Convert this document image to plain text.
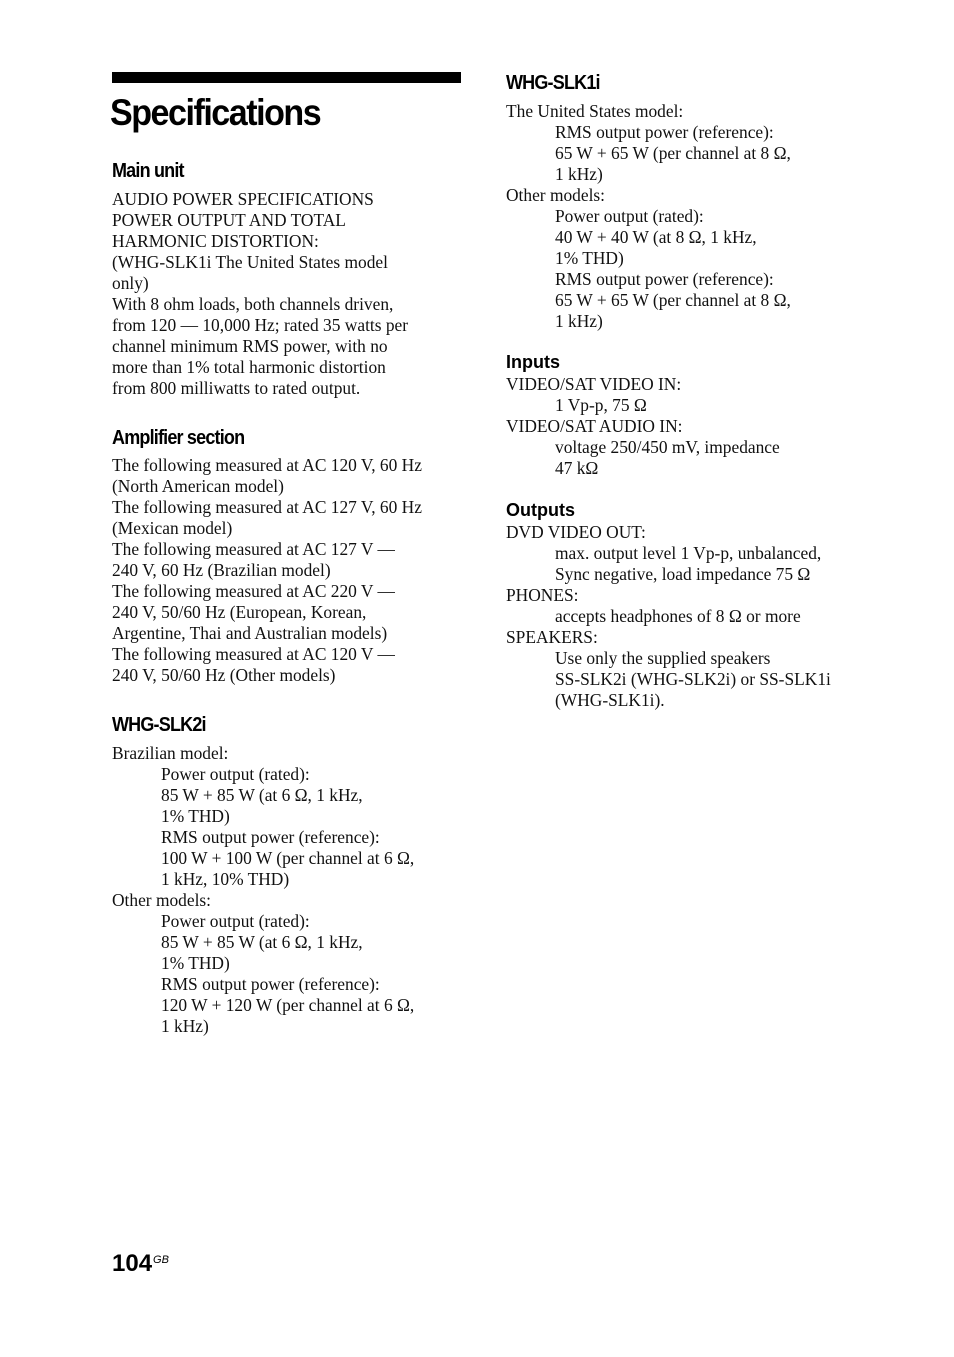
Specifications
Main unit
AUDIO POWER SPECIFICATIONS
POWER OUTPUT AND TOTAL
HARMONIC DISTORTION:
(WHG-SLK1i The United States model
only)
With 8 ohm loads, both channels driven,
from 120 — 10,000 Hz; rated 35 watts per
channel minimum RMS power, with no
more than 1% total harmonic distortion
from 800 milliwatts to rated output.
Amplifier section
The following measured at AC 120 V, 60 Hz
(North American model)
The following measured at AC 127 V, 60 Hz
(Mexican model)
The following measured at AC 127 V —
240 V, 60 Hz (Brazilian model)
The following measured at AC 220 V —
240 V, 50/60 Hz (European, Korean,
Argentine, Thai and Australian models)
The following measured at AC 120 V —
240 V, 50/60 Hz (Other models)
WHG-SLK2i
Brazilian model:
Power output (rated):
85 W + 85 W (at 6 Ω, 1 kHz,
1% THD)
RMS output power (reference):
100 W + 100 W (per channel at 6 Ω,
1 kHz, 10% THD)
Other models:
Power output (rated):
85 W + 85 W (at 6 Ω, 1 kHz,
1% THD)
RMS output power (reference):
120 W + 120 W (per channel at 6 Ω,
1 kHz)
WHG-SLK1i
The United States model:
RMS output power (reference):
65 W + 65 W (per channel at 8 Ω,
1 kHz)
Other models:
Power output (rated):
40 W + 40 W (at 8 Ω, 1 kHz,
1% THD)
RMS output power (reference):
65 W + 65 W (per channel at 8 Ω,
1 kHz)
Inputs
VIDEO/SAT VIDEO IN:
1 Vp-p, 75 Ω
VIDEO/SAT AUDIO IN:
voltage 250/450 mV, impedance
47 kΩ
Outputs
DVD VIDEO OUT:
max. output level 1 Vp-p, unbalanced,
Sync negative, load impedance 75 Ω
PHONES:
accepts headphones of 8 Ω or more
SPEAKERS:
Use only the supplied speakers
SS-SLK2i (WHG-SLK2i) or SS-SLK1i
(WHG-SLK1i).
$104^{GB}$
